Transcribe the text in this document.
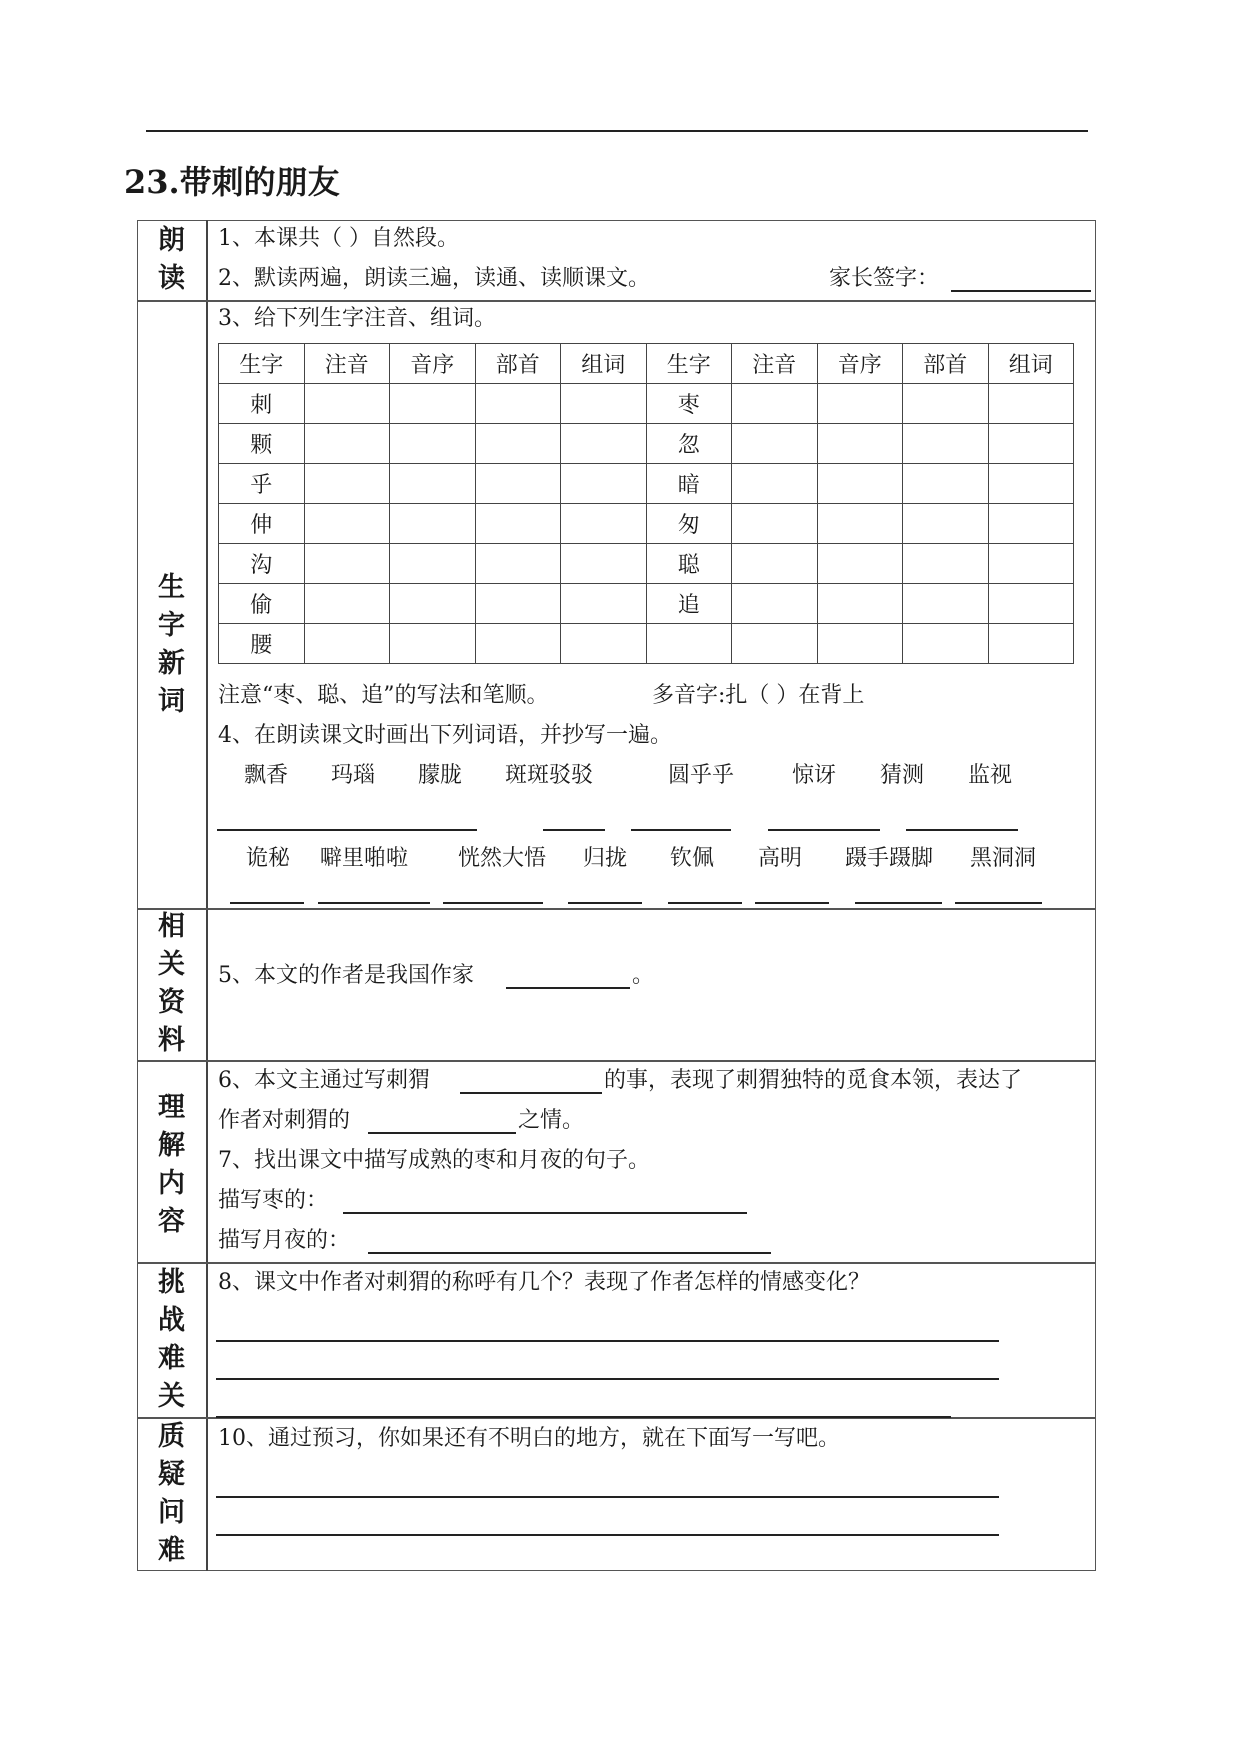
23.带刺的朋友
朗
读
1、本课共（ ）自然段。
2、默读两遍，朗读三遍，读通、读顺课文。	家长签字：
生
字
新
词
3、给下列生字注音、组词。
生字	注音	音序	部首	组词	生字	注音	音序	部首	组词
刺					枣				
颗					忽				
乎					暗				
伸					匆				
沟					聪				
偷					追				
腰									
注意“枣、聪、追”的写法和笔顺。	多音字:扎（ ）在背上
4、在朗读课文时画出下列词语，并抄写一遍。
飘香 玛瑙 朦胧 斑斑驳驳	圆乎乎	惊讶 猜测 监视
诡秘 噼里啪啦 恍然大悟 归拢 钦佩 高明 蹑手蹑脚 黑洞洞
相
关
资
料
5、本文的作者是我国作家	。
理
解
内
容
6、本文主通过写刺猬	的事，表现了刺猬独特的觅食本领，表达了
作者对刺猬的	之情。
7、找出课文中描写成熟的枣和月夜的句子。
描写枣的：
描写月夜的：
挑
战
难
关
8、课文中作者对刺猬的称呼有几个？表现了作者怎样的情感变化？
质
疑
问
难
10、通过预习，你如果还有不明白的地方，就在下面写一写吧。
